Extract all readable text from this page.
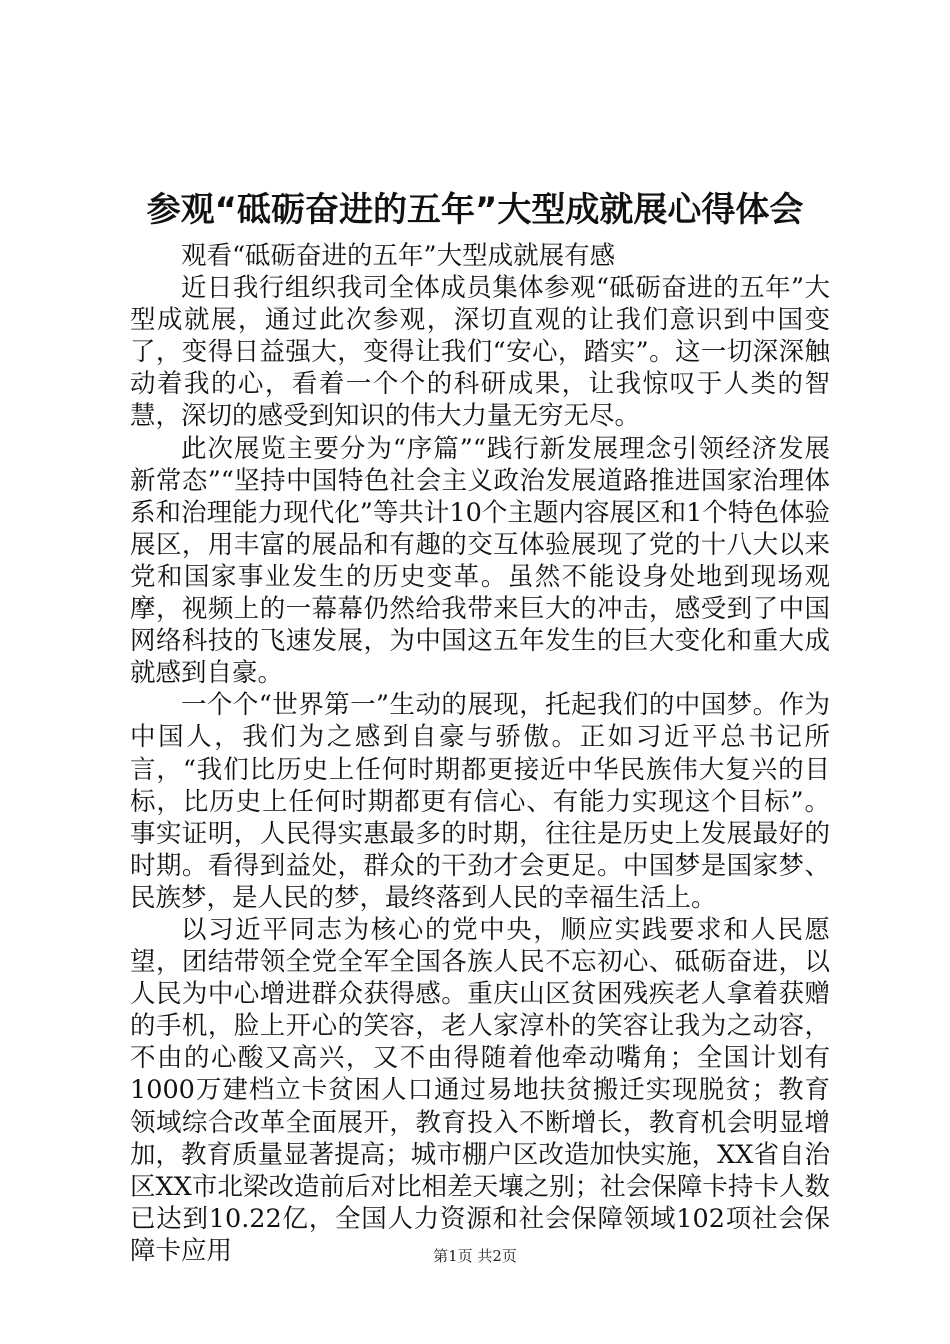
参观“砥砺奋进的五年”大型成就展心得体会

观看“砥砺奋进的五年”大型成就展有感

近日我行组织我司全体成员集体参观“砥砺奋进的五年”大型成就展，通过此次参观，深切直观的让我们意识到中国变了，变得日益强大，变得让我们“安心，踏实”。这一切深深触动着我的心，看着一个个的科研成果，让我惊叹于人类的智慧，深切的感受到知识的伟大力量无穷无尽。

此次展览主要分为“序篇”“践行新发展理念引领经济发展新常态”“坚持中国特色社会主义政治发展道路推进国家治理体系和治理能力现代化”等共计10个主题内容展区和1个特色体验展区，用丰富的展品和有趣的交互体验展现了党的十八大以来党和国家事业发生的历史变革。虽然不能设身处地到现场观摩，视频上的一幕幕仍然给我带来巨大的冲击，感受到了中国网络科技的飞速发展，为中国这五年发生的巨大变化和重大成就感到自豪。

一个个“世界第一”生动的展现，托起我们的中国梦。作为中国人，我们为之感到自豪与骄傲。正如习近平总书记所言，“我们比历史上任何时期都更接近中华民族伟大复兴的目标，比历史上任何时期都更有信心、有能力实现这个目标”。事实证明，人民得实惠最多的时期，往往是历史上发展最好的时期。看得到益处，群众的干劲才会更足。中国梦是国家梦、民族梦，是人民的梦，最终落到人民的幸福生活上。

以习近平同志为核心的党中央，顺应实践要求和人民愿望，团结带领全党全军全国各族人民不忘初心、砥砺奋进，以人民为中心增进群众获得感。重庆山区贫困残疾老人拿着获赠的手机，脸上开心的笑容，老人家淳朴的笑容让我为之动容，不由的心酸又高兴，又不由得随着他牵动嘴角；全国计划有1000万建档立卡贫困人口通过易地扶贫搬迁实现脱贫；教育领域综合改革全面展开，教育投入不断增长，教育机会明显增加，教育质量显著提高；城市棚户区改造加快实施，XX省自治区XX市北梁改造前后对比相差天壤之别；社会保障卡持卡人数已达到10.22亿，全国人力资源和社会保障领域102项社会保障卡应用	第1页 共2页
